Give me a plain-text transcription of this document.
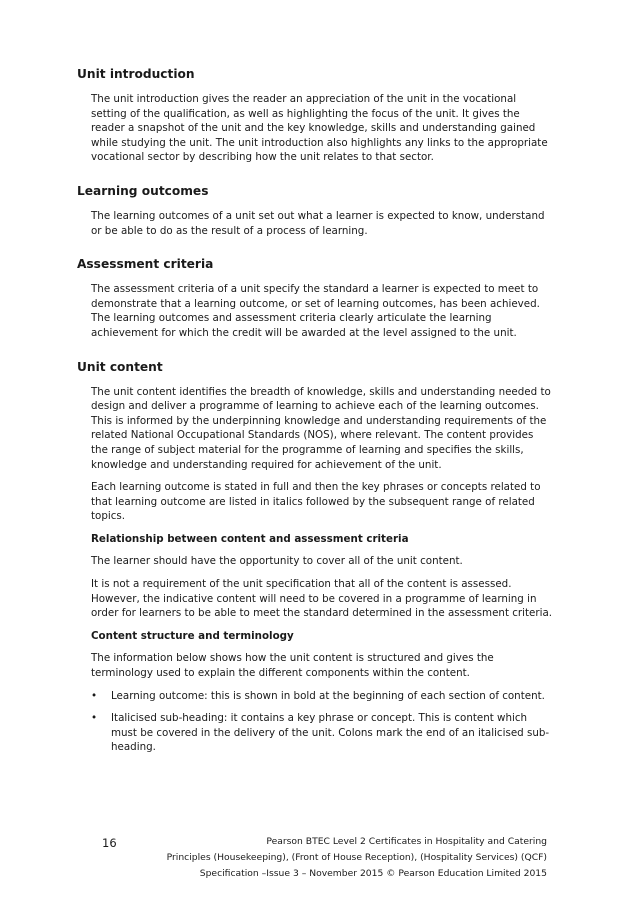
Unit introduction

The unit introduction gives the reader an appreciation of the unit in the vocational setting of the qualification, as well as highlighting the focus of the unit. It gives the reader a snapshot of the unit and the key knowledge, skills and understanding gained while studying the unit. The unit introduction also highlights any links to the appropriate vocational sector by describing how the unit relates to that sector.

Learning outcomes

The learning outcomes of a unit set out what a learner is expected to know, understand or be able to do as the result of a process of learning.

Assessment criteria

The assessment criteria of a unit specify the standard a learner is expected to meet to demonstrate that a learning outcome, or set of learning outcomes, has been achieved. The learning outcomes and assessment criteria clearly articulate the learning achievement for which the credit will be awarded at the level assigned to the unit.

Unit content

The unit content identifies the breadth of knowledge, skills and understanding needed to design and deliver a programme of learning to achieve each of the learning outcomes. This is informed by the underpinning knowledge and understanding requirements of the related National Occupational Standards (NOS), where relevant. The content provides the range of subject material for the programme of learning and specifies the skills, knowledge and understanding required for achievement of the unit.

Each learning outcome is stated in full and then the key phrases or concepts related to that learning outcome are listed in italics followed by the subsequent range of related topics.

Relationship between content and assessment criteria

The learner should have the opportunity to cover all of the unit content.

It is not a requirement of the unit specification that all of the content is assessed. However, the indicative content will need to be covered in a programme of learning in order for learners to be able to meet the standard determined in the assessment criteria.

Content structure and terminology

The information below shows how the unit content is structured and gives the terminology used to explain the different components within the content.

• Learning outcome: this is shown in bold at the beginning of each section of content.
• Italicised sub-heading: it contains a key phrase or concept. This is content which must be covered in the delivery of the unit. Colons mark the end of an italicised sub-heading.
16	Pearson BTEC Level 2 Certificates in Hospitality and Catering
Principles (Housekeeping), (Front of House Reception), (Hospitality Services) (QCF)
Specification –Issue 3 – November 2015 © Pearson Education Limited 2015
